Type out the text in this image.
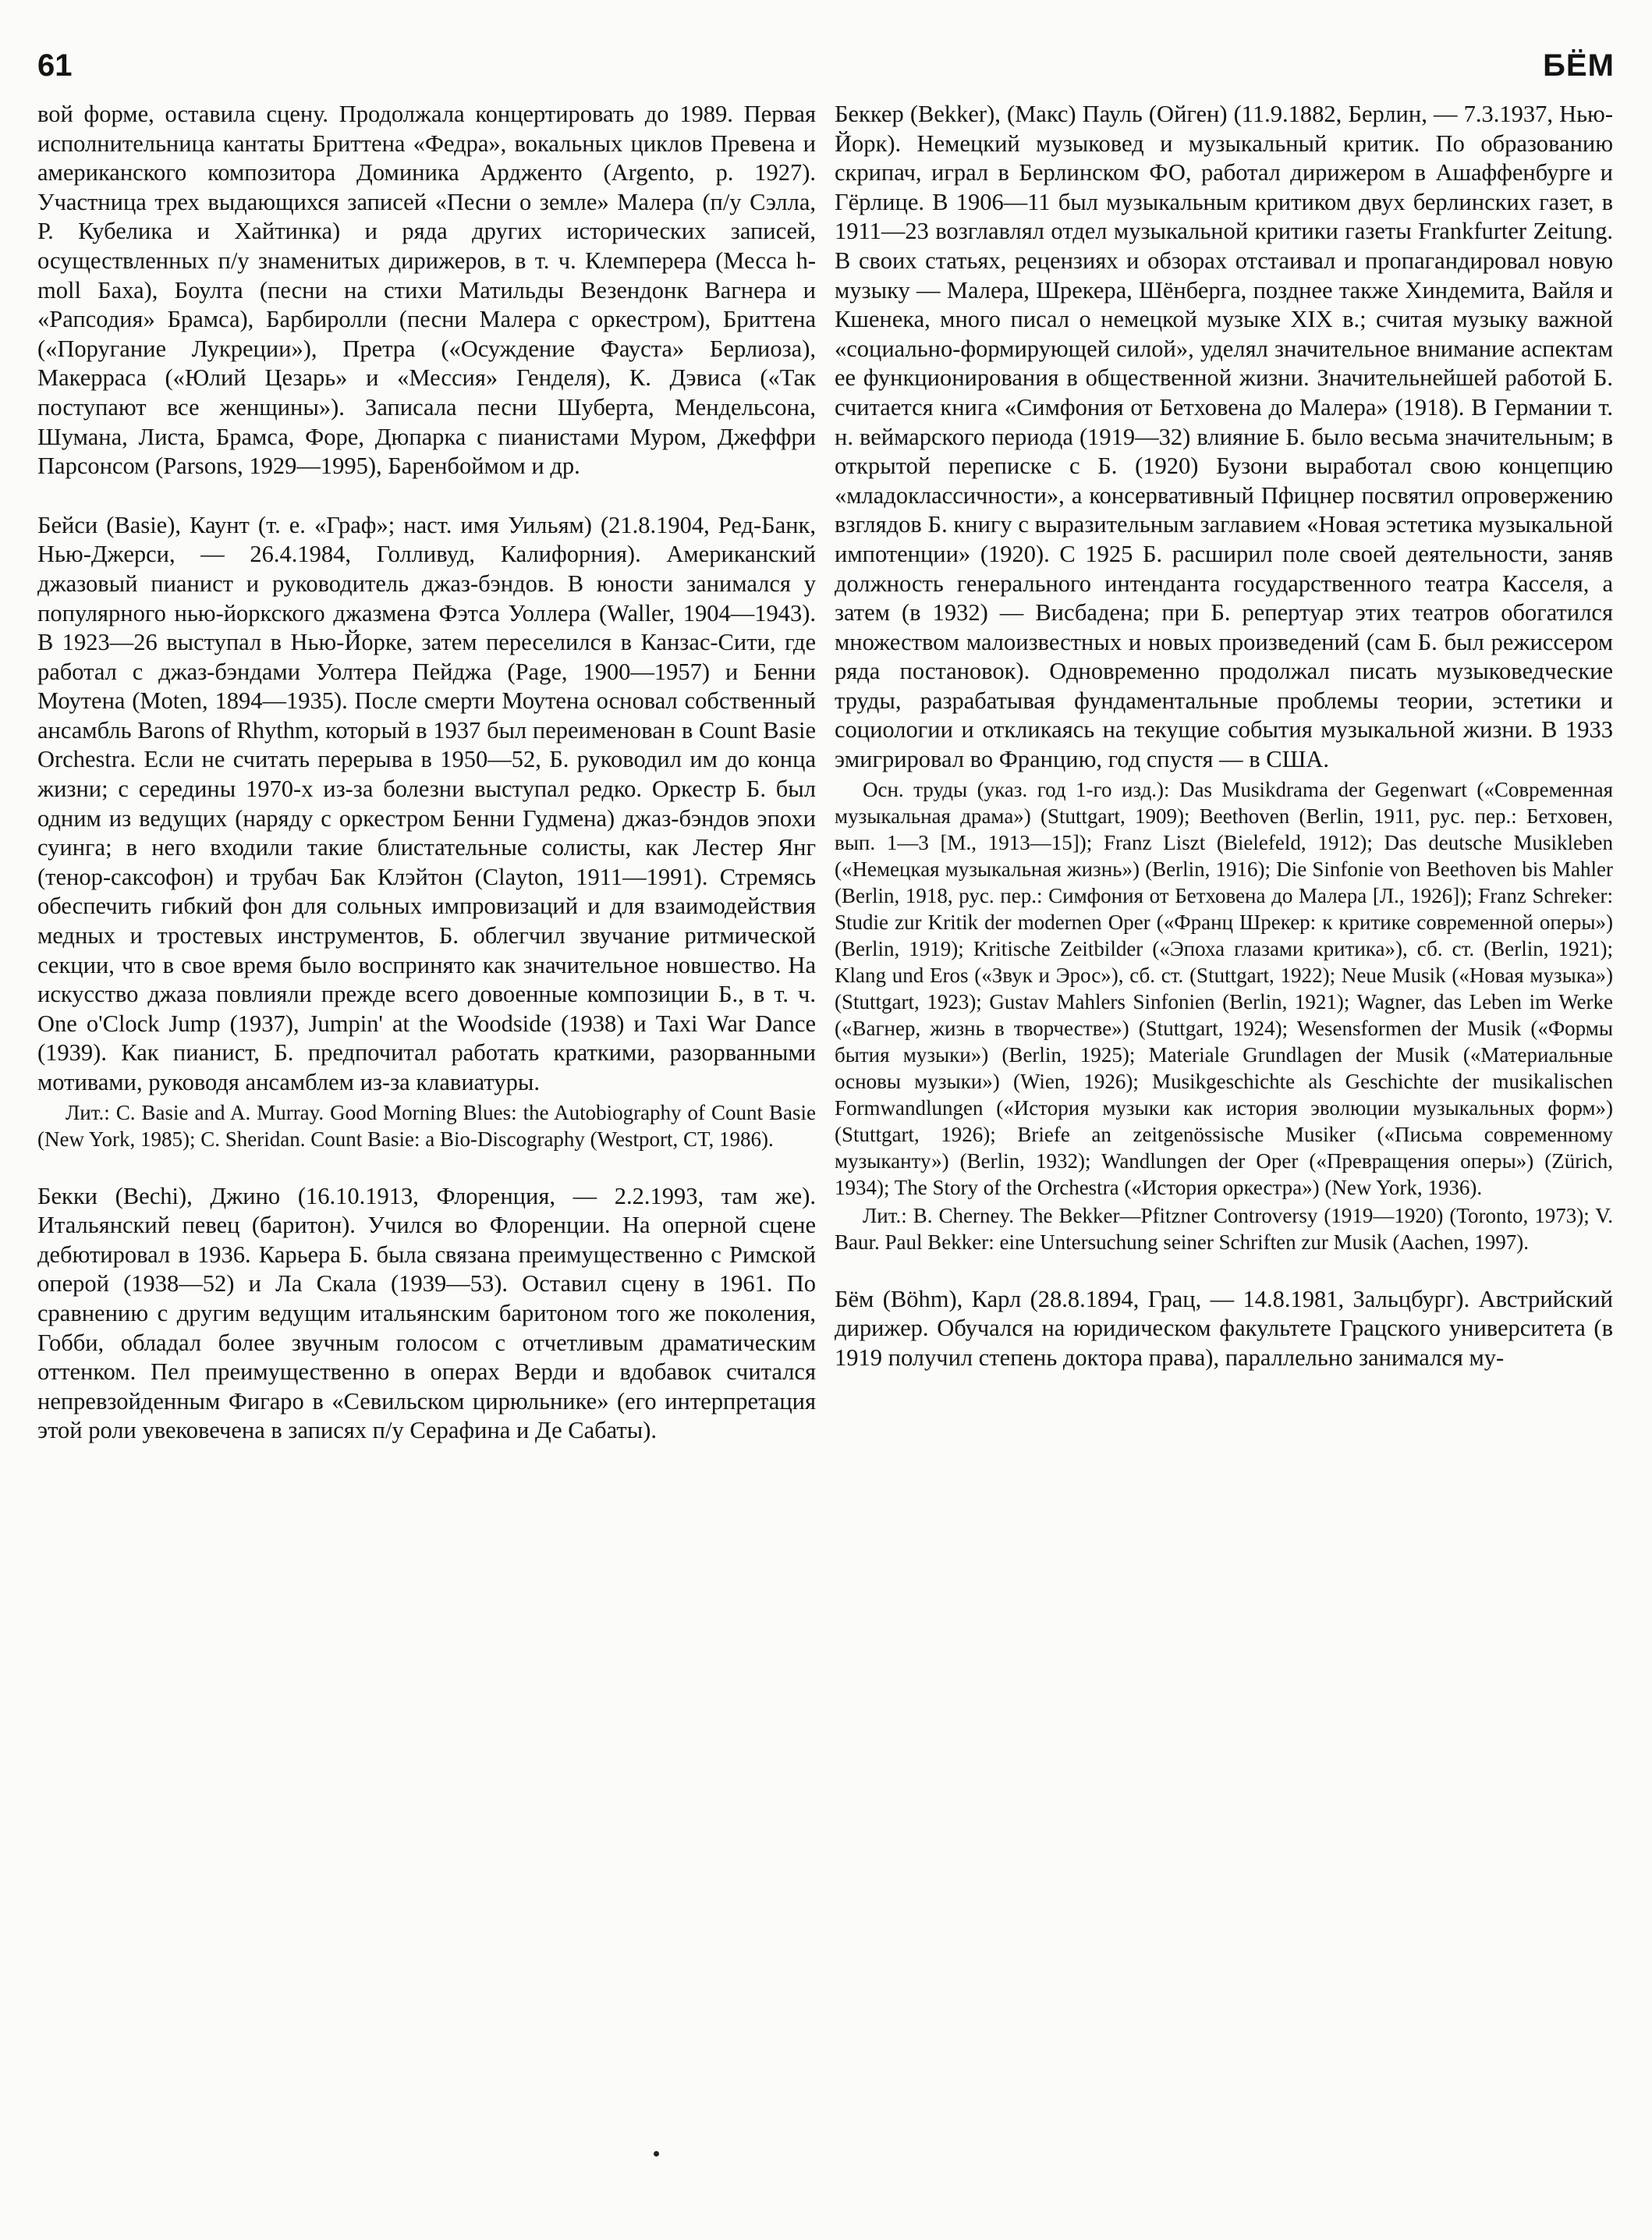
61	БЁМ

вой форме, оставила сцену. Продолжала концертировать до 1989. Первая исполнительница кантаты Бриттена «Федра», вокальных циклов Превена и американского композитора Доминика Ардженто (Argento, р. 1927). Участница трех выдающихся записей «Песни о земле» Малера (п/у Сэлла, Р. Кубелика и Хайтинка) и ряда других исторических записей, осуществленных п/у знаменитых дирижеров, в т. ч. Клемперера (Месса h-moll Баха), Боулта (песни на стихи Матильды Везендонк Вагнера и «Рапсодия» Брамса), Барбиролли (песни Малера с оркестром), Бриттена («Поругание Лукреции»), Претра («Осуждение Фауста» Берлиоза), Макерраса («Юлий Цезарь» и «Мессия» Генделя), К. Дэвиса («Так поступают все женщины»). Записала песни Шуберта, Мендельсона, Шумана, Листа, Брамса, Форе, Дюпарка с пианистами Муром, Джеффри Парсонсом (Parsons, 1929—1995), Баренбоймом и др.

Бейси (Basie), Каунт (т. е. «Граф»; наст. имя Уильям) (21.8.1904, Ред-Банк, Нью-Джерси, — 26.4.1984, Голливуд, Калифорния). Американский джазовый пианист и руководитель джаз-бэндов. В юности занимался у популярного нью-йоркского джазмена Фэтса Уоллера (Waller, 1904—1943). В 1923—26 выступал в Нью-Йорке, затем переселился в Канзас-Сити, где работал с джаз-бэндами Уолтера Пейджа (Page, 1900—1957) и Бенни Моутена (Moten, 1894—1935). После смерти Моутена основал собственный ансамбль Barons of Rhythm, который в 1937 был переименован в Count Basie Orchestra. Если не считать перерыва в 1950—52, Б. руководил им до конца жизни; с середины 1970-х из-за болезни выступал редко. Оркестр Б. был одним из ведущих (наряду с оркестром Бенни Гудмена) джаз-бэндов эпохи суинга; в него входили такие блистательные солисты, как Лестер Янг (тенор-саксофон) и трубач Бак Клэйтон (Clayton, 1911—1991). Стремясь обеспечить гибкий фон для сольных импровизаций и для взаимодействия медных и тростевых инструментов, Б. облегчил звучание ритмической секции, что в свое время было воспринято как значительное новшество. На искусство джаза повлияли прежде всего довоенные композиции Б., в т. ч. One o'Clock Jump (1937), Jumpin' at the Woodside (1938) и Taxi War Dance (1939). Как пианист, Б. предпочитал работать краткими, разорванными мотивами, руководя ансамблем из-за клавиатуры.

Лит.: C. Basie and A. Murray. Good Morning Blues: the Autobiography of Count Basie (New York, 1985); C. Sheridan. Count Basie: a Bio-Discography (Westport, CT, 1986).

Бекки (Bechi), Джино (16.10.1913, Флоренция, — 2.2.1993, там же). Итальянский певец (баритон). Учился во Флоренции. На оперной сцене дебютировал в 1936. Карьера Б. была связана преимущественно с Римской оперой (1938—52) и Ла Скала (1939—53). Оставил сцену в 1961. По сравнению с другим ведущим итальянским баритоном того же поколения, Гобби, обладал более звучным голосом с отчетливым драматическим оттенком. Пел преимущественно в операх Верди и вдобавок считался непревзойденным Фигаро в «Севильском цирюльнике» (его интерпретация этой роли увековечена в записях п/у Серафина и Де Сабаты).

Беккер (Bekker), (Макс) Пауль (Ойген) (11.9.1882, Берлин, — 7.3.1937, Нью-Йорк). Немецкий музыковед и музыкальный критик. По образованию скрипач, играл в Берлинском ФО, работал дирижером в Ашаффенбурге и Гёрлице. В 1906—11 был музыкальным критиком двух берлинских газет, в 1911—23 возглавлял отдел музыкальной критики газеты Frankfurter Zeitung. В своих статьях, рецензиях и обзорах отстаивал и пропагандировал новую музыку — Малера, Шрекера, Шёнберга, позднее также Хиндемита, Вайля и Кшенека, много писал о немецкой музыке XIX в.; считая музыку важной «социально-формирующей силой», уделял значительное внимание аспектам ее функционирования в общественной жизни. Значительнейшей работой Б. считается книга «Симфония от Бетховена до Малера» (1918). В Германии т. н. веймарского периода (1919—32) влияние Б. было весьма значительным; в открытой переписке с Б. (1920) Бузони выработал свою концепцию «младоклассичности», а консервативный Пфицнер посвятил опровержению взглядов Б. книгу с выразительным заглавием «Новая эстетика музыкальной импотенции» (1920). С 1925 Б. расширил поле своей деятельности, заняв должность генерального интенданта государственного театра Касселя, а затем (в 1932) — Висбадена; при Б. репертуар этих театров обогатился множеством малоизвестных и новых произведений (сам Б. был режиссером ряда постановок). Одновременно продолжал писать музыковедческие труды, разрабатывая фундаментальные проблемы теории, эстетики и социологии и откликаясь на текущие события музыкальной жизни. В 1933 эмигрировал во Францию, год спустя — в США.

Осн. труды (указ. год 1-го изд.): Das Musikdrama der Gegenwart («Современная музыкальная драма») (Stuttgart, 1909); Beethoven (Berlin, 1911, рус. пер.: Бетховен, вып. 1—3 [М., 1913—15]); Franz Liszt (Bielefeld, 1912); Das deutsche Musikleben («Немецкая музыкальная жизнь») (Berlin, 1916); Die Sinfonie von Beethoven bis Mahler (Berlin, 1918, рус. пер.: Симфония от Бетховена до Малера [Л., 1926]); Franz Schreker: Studie zur Kritik der modernen Oper («Франц Шрекер: к критике современной оперы») (Berlin, 1919); Kritische Zeitbilder («Эпоха глазами критика»), сб. ст. (Berlin, 1921); Klang und Eros («Звук и Эрос»), сб. ст. (Stuttgart, 1922); Neue Musik («Новая музыка») (Stuttgart, 1923); Gustav Mahlers Sinfonien (Berlin, 1921); Wagner, das Leben im Werke («Вагнер, жизнь в творчестве») (Stuttgart, 1924); Wesensformen der Musik («Формы бытия музыки») (Berlin, 1925); Materiale Grundlagen der Musik («Материальные основы музыки») (Wien, 1926); Musikgeschichte als Geschichte der musikalischen Formwandlungen («История музыки как история эволюции музыкальных форм») (Stuttgart, 1926); Briefe an zeitgenössische Musiker («Письма современному музыканту») (Berlin, 1932); Wandlungen der Oper («Превращения оперы») (Zürich, 1934); The Story of the Orchestra («История оркестра») (New York, 1936).

Лит.: B. Cherney. The Bekker—Pfitzner Controversy (1919—1920) (Toronto, 1973); V. Baur. Paul Bekker: eine Untersuchung seiner Schriften zur Musik (Aachen, 1997).

Бём (Böhm), Карл (28.8.1894, Грац, — 14.8.1981, Зальцбург). Австрийский дирижер. Обучался на юридическом факультете Грацского университета (в 1919 получил степень доктора права), параллельно занимался му-
